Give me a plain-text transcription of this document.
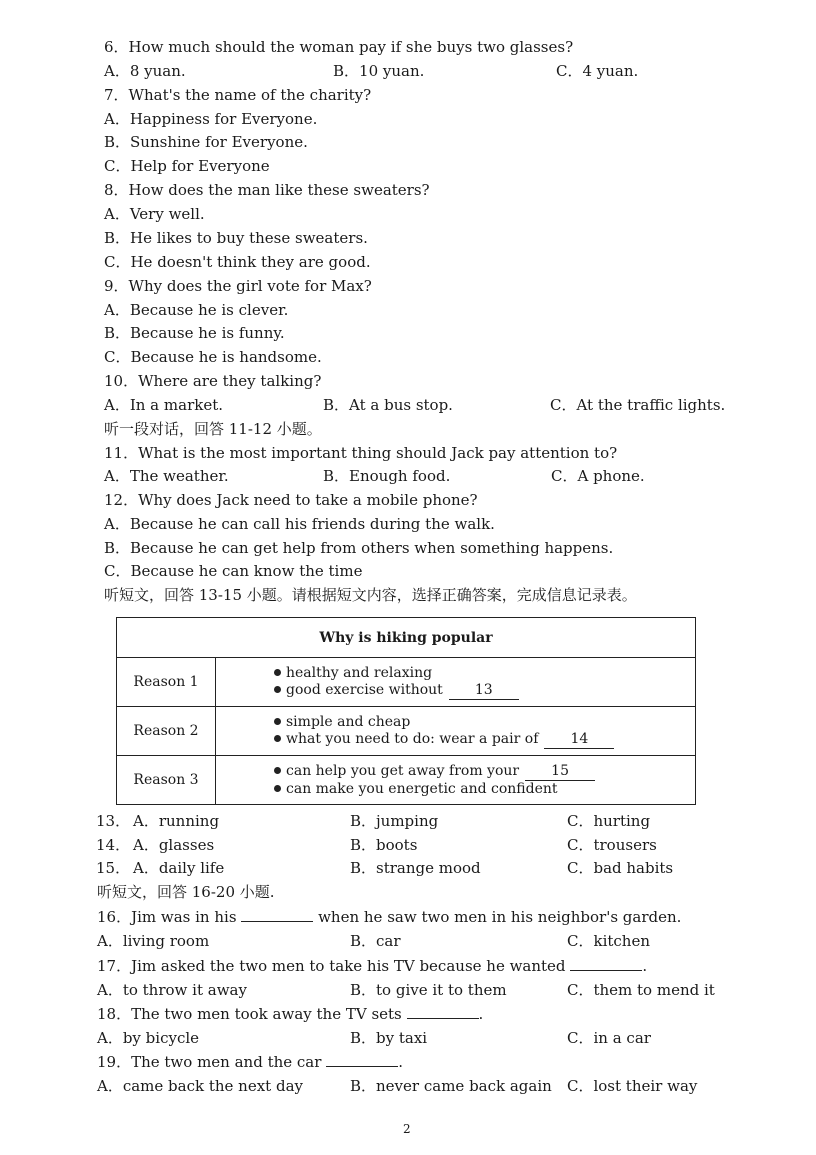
6．How much should the woman pay if she buys two glasses?
A．8 yuan.	B．10 yuan.	C．4 yuan.
7．What's the name of the charity?
A．Happiness for Everyone.
B．Sunshine for Everyone.
C．Help for Everyone
8．How does the man like these sweaters?
A．Very well.
B．He likes to buy these sweaters.
C．He doesn't think they are good.
9．Why does the girl vote for Max?
A．Because he is clever.
B．Because he is funny.
C．Because he is handsome.
10．Where are they talking?
A．In a market.	B．At a bus stop.	C．At the traffic lights.
听一段对话，回答 11-12 小题。
11．What is the most important thing should Jack pay attention to?
A．The weather.	B．Enough food.	C．A phone.
12．Why does Jack need to take a mobile phone?
A．Because he can call his friends during the walk.
B．Because he can get help from others when something happens.
C．Because he can know the time
听短文，回答 13-15 小题。请根据短文内容，选择正确答案，完成信息记录表。
Why is hiking popular	
Reason 1	healthy and relaxing
good exercise without 13

Reason 2	simple and cheap
what you need to do: wear a pair of 14

Reason 3	can help you get away from your 15
can make you energetic and confident
13． A．running	B．jumping	C．hurting
14． A．glasses	B．boots	C．trousers
15． A．daily life	B．strange mood	C．bad habits
听短文，回答 16-20 小题.
16．Jim was in his	when he saw two men in his neighbor's garden.
A．living room	B．car	C．kitchen
17．Jim asked the two men to take his TV because he wanted	.
A．to throw it away	B．to give it to them	C．them to mend it
18．The two men took away the TV sets	.
A．by bicycle	B．by taxi	C．in a car
19．The two men and the car	.
A．came back the next day	B．never came back again C．lost their way
2
